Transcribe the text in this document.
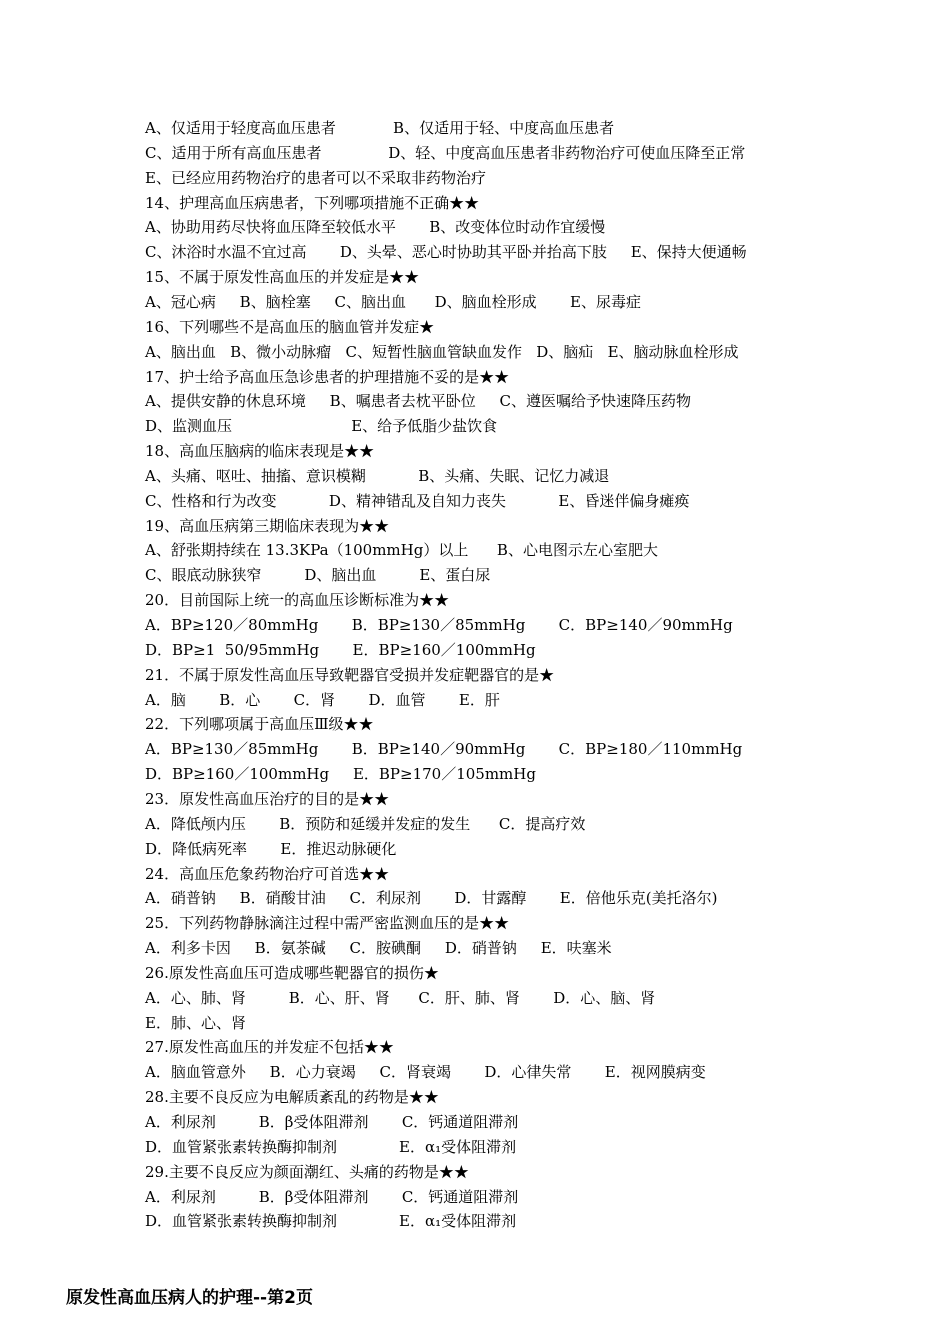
A、仅适用于轻度高血压患者            B、仅适用于轻、中度高血压患者
C、适用于所有高血压患者              D、轻、中度高血压患者非药物治疗可使血压降至正常
E、已经应用药物治疗的患者可以不采取非药物治疗
14、护理高血压病患者，下列哪项措施不正确★★
A、协助用药尽快将血压降至较低水平       B、改变体位时动作宜缓慢
C、沐浴时水温不宜过高       D、头晕、恶心时协助其平卧并抬高下肢     E、保持大便通畅
15、不属于原发性高血压的并发症是★★
A、冠心病     B、脑栓塞     C、脑出血      D、脑血栓形成       E、尿毒症
16、下列哪些不是高血压的脑血管并发症★
A、脑出血   B、微小动脉瘤   C、短暂性脑血管缺血发作   D、脑疝   E、脑动脉血栓形成
17、护士给予高血压急诊患者的护理措施不妥的是★★
A、提供安静的休息环境     B、嘱患者去枕平卧位     C、遵医嘱给予快速降压药物
D、监测血压                         E、给予低脂少盐饮食
18、高血压脑病的临床表现是★★
A、头痛、呕吐、抽搐、意识模糊           B、头痛、失眠、记忆力减退
C、性格和行为改变           D、精神错乱及自知力丧失           E、昏迷伴偏身瘫痪
19、高血压病第三期临床表现为★★
A、舒张期持续在 13.3KPa（100mmHg）以上      B、心电图示左心室肥大
C、眼底动脉狭窄         D、脑出血         E、蛋白尿
20．目前国际上统一的高血压诊断标准为★★
A．BP≥120／80mmHg       B．BP≥130／85mmHg       C．BP≥140／90mmHg
D．BP≥1  50/95mmHg       E．BP≥160／100mmHg
21．不属于原发性高血压导致靶器官受损并发症靶器官的是★
A．脑       B．心       C．肾       D．血管       E．肝
22．下列哪项属于高血压Ⅲ级★★
A．BP≥130／85mmHg       B．BP≥140／90mmHg       C．BP≥180／110mmHg
D．BP≥160／100mmHg     E．BP≥170／105mmHg
23．原发性高血压治疗的目的是★★
A．降低颅内压       B．预防和延缓并发症的发生      C．提高疗效
D．降低病死率       E．推迟动脉硬化
24．高血压危象药物治疗可首选★★
A．硝普钠     B．硝酸甘油     C．利尿剂       D．甘露醇       E．倍他乐克(美托洛尔)
25．下列药物静脉滴注过程中需严密监测血压的是★★
A．利多卡因     B．氨茶碱     C．胺碘酮     D．硝普钠     E．呋塞米
26.原发性高血压可造成哪些靶器官的损伤★
A．心、肺、肾         B．心、肝、肾      C．肝、肺、肾       D．心、脑、肾
E．肺、心、肾
27.原发性高血压的并发症不包括★★
A．脑血管意外     B．心力衰竭     C．肾衰竭       D．心律失常       E．视网膜病变
28.主要不良反应为电解质紊乱的药物是★★
A．利尿剂         B．β受体阻滞剂       C．钙通道阻滞剂
D．血管紧张素转换酶抑制剂             E．α₁受体阻滞剂
29.主要不良反应为颜面潮红、头痛的药物是★★
A．利尿剂         B．β受体阻滞剂       C．钙通道阻滞剂
D．血管紧张素转换酶抑制剂             E．α₁受体阻滞剂
原发性高血压病人的护理--第2页
